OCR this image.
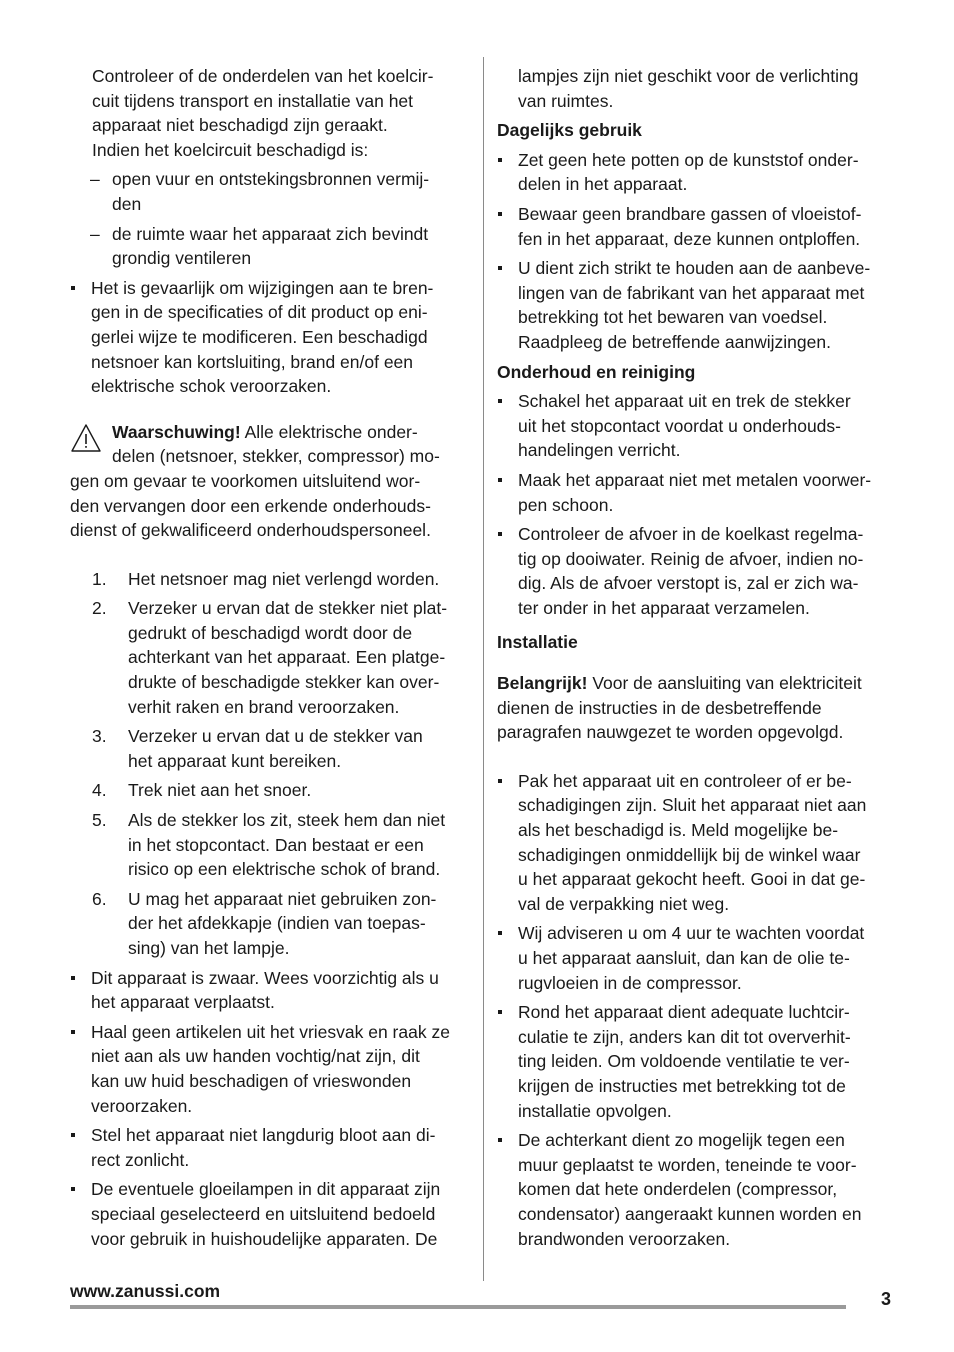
Controleer of de onderdelen van het koelcir-

cuit tijdens transport en installatie van het

apparaat niet beschadigd zijn geraakt.

Indien het koelcircuit beschadigd is:

– open vuur en ontstekingsbronnen vermij-

den

– de ruimte waar het apparaat zich bevindt

grondig ventileren

Het is gevaarlijk om wijzigingen aan te bren-

gen in de specificaties of dit product op eni-

gerlei wijze te modificeren. Een beschadigd

netsnoer kan kortsluiting, brand en/of een

elektrische schok veroorzaken.

Waarschuwing! Alle elektrische onder-

delen (netsnoer, stekker, compressor) mo-

gen om gevaar te voorkomen uitsluitend wor-

den vervangen door een erkende onderhouds-

dienst of gekwalificeerd onderhoudspersoneel.

1. Het netsnoer mag niet verlengd worden.

2. Verzeker u ervan dat de stekker niet plat-

gedrukt of beschadigd wordt door de

achterkant van het apparaat. Een platge-

drukte of beschadigde stekker kan over-

verhit raken en brand veroorzaken.

3. Verzeker u ervan dat u de stekker van

het apparaat kunt bereiken.

4. Trek niet aan het snoer.

5. Als de stekker los zit, steek hem dan niet

in het stopcontact. Dan bestaat er een

risico op een elektrische schok of brand.

6. U mag het apparaat niet gebruiken zon-

der het afdekkapje (indien van toepas-

sing) van het lampje.

Dit apparaat is zwaar. Wees voorzichtig als u

het apparaat verplaatst.

Haal geen artikelen uit het vriesvak en raak ze

niet aan als uw handen vochtig/nat zijn, dit

kan uw huid beschadigen of vrieswonden

veroorzaken.

Stel het apparaat niet langdurig bloot aan di-

rect zonlicht.

De eventuele gloeilampen in dit apparaat zijn

speciaal geselecteerd en uitsluitend bedoeld

voor gebruik in huishoudelijke apparaten. De

lampjes zijn niet geschikt voor de verlichting

van ruimtes.

Dagelijks gebruik

Zet geen hete potten op de kunststof onder-

delen in het apparaat.

Bewaar geen brandbare gassen of vloeistof-

fen in het apparaat, deze kunnen ontploffen.

U dient zich strikt te houden aan de aanbeve-

lingen van de fabrikant van het apparaat met

betrekking tot het bewaren van voedsel.

Raadpleeg de betreffende aanwijzingen.

Onderhoud en reiniging

Schakel het apparaat uit en trek de stekker

uit het stopcontact voordat u onderhouds-

handelingen verricht.

Maak het apparaat niet met metalen voorwer-

pen schoon.

Controleer de afvoer in de koelkast regelma-

tig op dooiwater. Reinig de afvoer, indien no-

dig. Als de afvoer verstopt is, zal er zich wa-

ter onder in het apparaat verzamelen.

Installatie

Belangrijk! Voor de aansluiting van elektriciteit

dienen de instructies in de desbetreffende

paragrafen nauwgezet te worden opgevolgd.

Pak het apparaat uit en controleer of er be-

schadigingen zijn. Sluit het apparaat niet aan

als het beschadigd is. Meld mogelijke be-

schadigingen onmiddellijk bij de winkel waar

u het apparaat gekocht heeft. Gooi in dat ge-

val de verpakking niet weg.

Wij adviseren u om 4 uur te wachten voordat

u het apparaat aansluit, dan kan de olie te-

rugvloeien in de compressor.

Rond het apparaat dient adequate luchtcir-

culatie te zijn, anders kan dit tot oververhit-

ting leiden. Om voldoende ventilatie te ver-

krijgen de instructies met betrekking tot de

installatie opvolgen.

De achterkant dient zo mogelijk tegen een

muur geplaatst te worden, teneinde te voor-

komen dat hete onderdelen (compressor,

condensator) aangeraakt kunnen worden en

brandwonden veroorzaken.

www.zanussi.com	3
